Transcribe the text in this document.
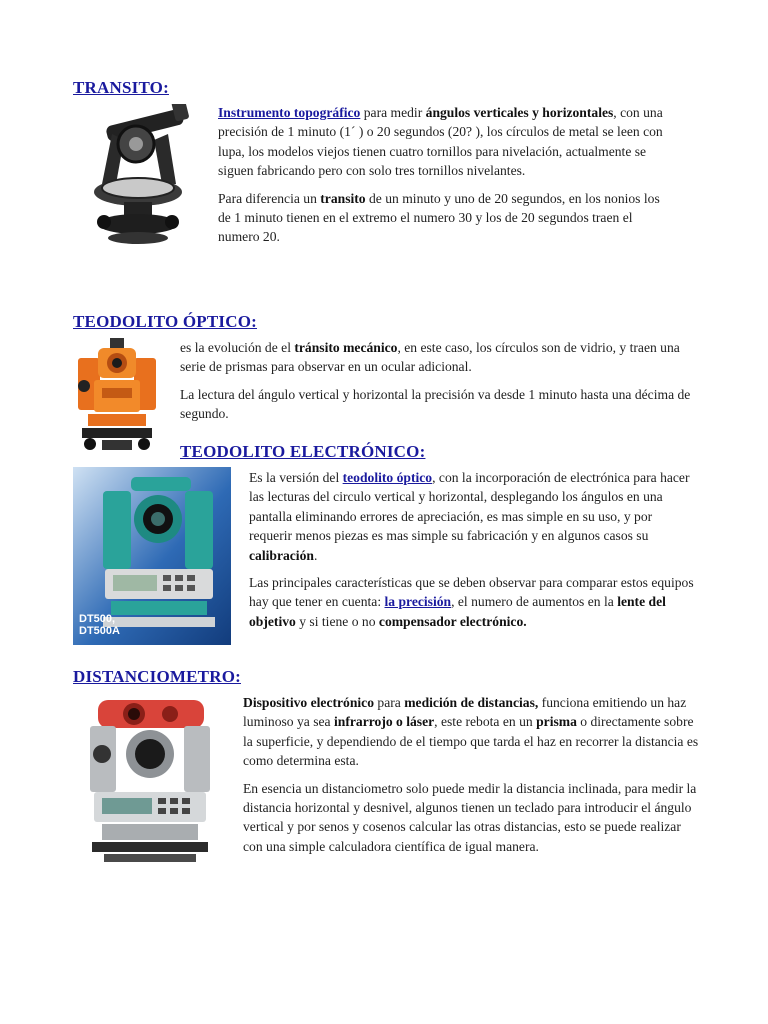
TRANSITO:

Instrumento topográfico para medir ángulos verticales y horizontales, con una precisión de 1 minuto (1´ ) o 20 segundos (20? ), los círculos de metal se leen con lupa, los modelos viejos tienen cuatro tornillos para nivelación, actualmente se siguen fabricando pero con solo tres tornillos nivelantes.

Para diferencia un transito de un minuto y uno de 20 segundos, en los nonios los de 1 minuto tienen en el extremo el numero 30 y los de 20 segundos traen el numero 20.

TEODOLITO ÓPTICO:

es la evolución de el tránsito mecánico, en este caso, los círculos son de vidrio, y traen una serie de prismas para observar en un ocular adicional.

La lectura del ángulo vertical y horizontal la precisión va desde 1 minuto hasta una décima de segundo.

TEODOLITO ELECTRÓNICO:
DT500,
DT500A

Es la versión del teodolito óptico, con la incorporación de electrónica para hacer las lecturas del circulo vertical y horizontal, desplegando los ángulos en una pantalla eliminando errores de apreciación, es mas simple en su uso, y por requerir menos piezas es mas simple su fabricación y en algunos casos su calibración.

Las principales características que se deben observar para comparar estos equipos hay que tener en cuenta: la precisión, el numero de aumentos en la lente del objetivo y si tiene o no compensador electrónico.

DISTANCIOMETRO:

Dispositivo electrónico para medición de distancias, funciona emitiendo un haz luminoso ya sea infrarrojo o láser, este rebota en un prisma o directamente sobre la superficie, y dependiendo de el tiempo que tarda el haz en recorrer la distancia es como determina esta.

En esencia un distanciometro solo puede medir la distancia inclinada, para medir la distancia horizontal y desnivel, algunos tienen un teclado para introducir el ángulo vertical y por senos y cosenos calcular las otras distancias, esto se puede realizar con una simple calculadora científica de igual manera.
